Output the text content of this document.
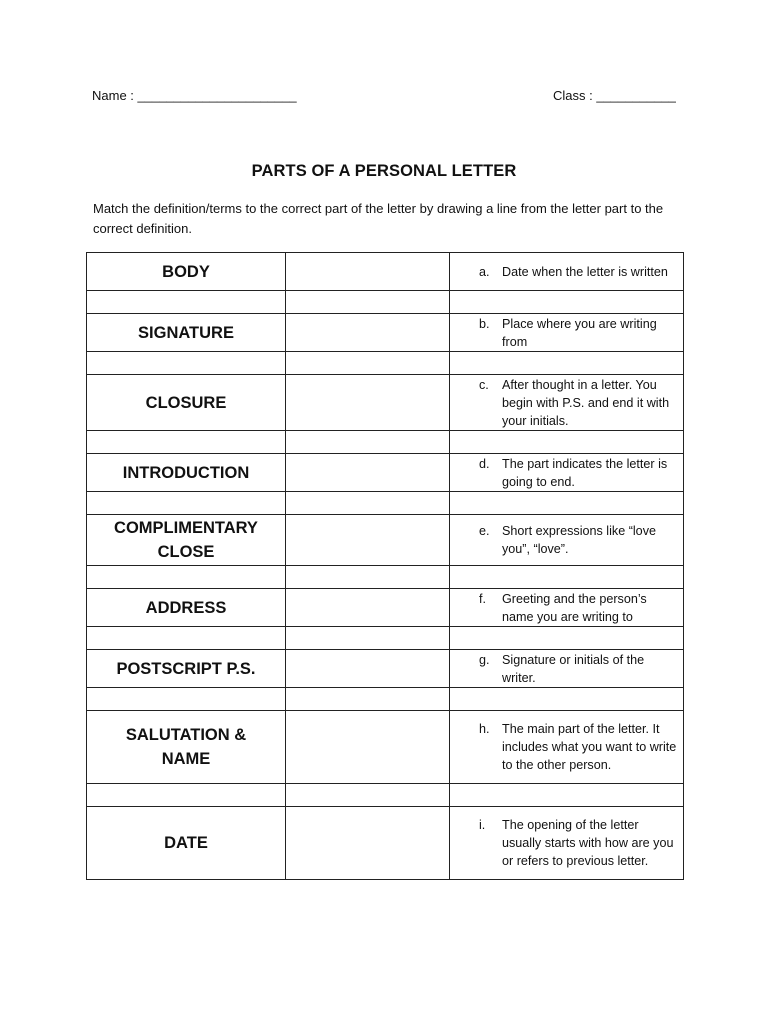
Name : ______________________	Class : ___________
PARTS OF A PERSONAL LETTER
Match the definition/terms to the correct part of the letter by drawing a line from the letter part to the correct definition.
BODY		a. Date when the letter is written

SIGNATURE		b. Place where you are writing from

CLOSURE		c. After thought in a letter. You begin with P.S. and end it with your initials.

INTRODUCTION		d. The part indicates the letter is going to end.

COMPLIMENTARY CLOSE		e. Short expressions like “love you”, “love”.

ADDRESS		f. Greeting and the person’s name you are writing to

POSTSCRIPT P.S.		g. Signature or initials of the writer.

SALUTATION & NAME		h. The main part of the letter. It includes what you want to write to the other person.

DATE		i. The opening of the letter usually starts with how are you or refers to previous letter.
